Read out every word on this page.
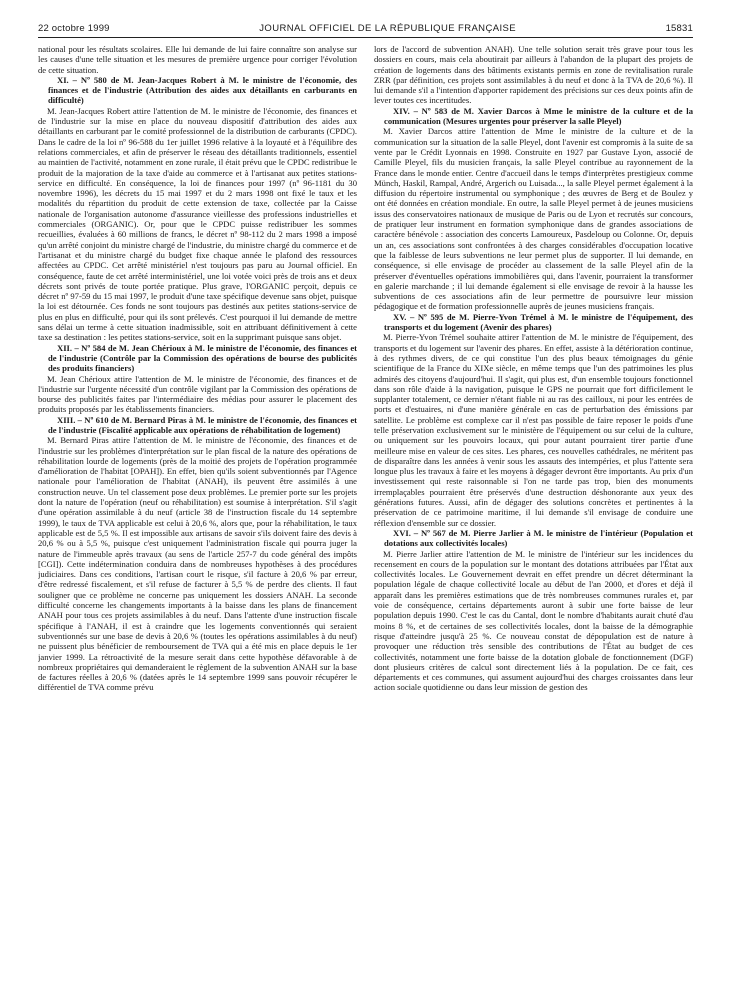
22 octobre 1999	JOURNAL OFFICIEL DE LA RÉPUBLIQUE FRANÇAISE	15831

national pour les résultats scolaires. Elle lui demande de lui faire connaître son analyse sur les causes d'une telle situation et les mesures de première urgence pour corriger l'évolution de cette situation.

XI. – Nº 580 de M. Jean-Jacques Robert à M. le ministre de l'économie, des finances et de l'industrie (Attribution des aides aux détaillants en carburants en difficulté)

M. Jean-Jacques Robert attire l'attention de M. le ministre de l'économie, des finances et de l'industrie sur la mise en place du nouveau dispositif d'attribution des aides aux détaillants en carburant par le comité professionnel de la distribution de carburants (CPDC). Dans le cadre de la loi nº 96-588 du 1er juillet 1996 relative à la loyauté et à l'équilibre des relations commerciales, et afin de préserver le réseau des détaillants traditionnels, essentiel au maintien de l'activité, notamment en zone rurale, il était prévu que le CPDC redistribue le produit de la majoration de la taxe d'aide au commerce et à l'artisanat aux petites stations-service en difficulté. En conséquence, la loi de finances pour 1997 (nº 96-1181 du 30 novembre 1996), les décrets du 15 mai 1997 et du 2 mars 1998 ont fixé le taux et les modalités du répartition du produit de cette extension de taxe, collectée par la Caisse nationale de l'organisation autonome d'assurance vieillesse des professions industrielles et commerciales (ORGANIC). Or, pour que le CPDC puisse redistribuer les sommes recueillies, évaluées à 60 millions de francs, le décret nº 98-112 du 2 mars 1998 a imposé qu'un arrêté conjoint du ministre chargé de l'industrie, du ministre chargé du commerce et de l'artisanat et du ministre chargé du budget fixe chaque année le plafond des ressources affectées au CPDC. Cet arrêté ministériel n'est toujours pas paru au Journal officiel. En conséquence, faute de cet arrêté interministériel, une loi votée voici près de trois ans et deux décrets sont privés de toute portée pratique. Plus grave, l'ORGANIC perçoit, depuis ce décret nº 97-59 du 15 mai 1997, le produit d'une taxe spécifique devenue sans objet, puisque la loi est détournée. Ces fonds ne sont toujours pas destinés aux petites stations-service de plus en plus en difficulté, pour qui ils sont prélevés. C'est pourquoi il lui demande de mettre sans délai un terme à cette situation inadmissible, soit en attribuant définitivement à cette taxe sa destination : les petites stations-service, soit en la supprimant puisque sans objet.

XII. – Nº 584 de M. Jean Chérioux à M. le ministre de l'économie, des finances et de l'industrie (Contrôle par la Commission des opérations de bourse des publicités des produits financiers)

M. Jean Chérioux attire l'attention de M. le ministre de l'économie, des finances et de l'industrie sur l'urgente nécessité d'un contrôle vigilant par la Commission des opérations de bourse des publicités faites par l'intermédiaire des médias pour assurer le placement des produits proposés par les établissements financiers.

XIII. – Nº 610 de M. Bernard Piras à M. le ministre de l'économie, des finances et de l'industrie (Fiscalité applicable aux opérations de réhabilitation de logement)

M. Bernard Piras attire l'attention de M. le ministre de l'économie, des finances et de l'industrie sur les problèmes d'interprétation sur le plan fiscal de la nature des opérations de réhabilitation lourde de logements (près de la moitié des projets de l'opération programmée d'amélioration de l'habitat [OPAH]). En effet, bien qu'ils soient subventionnés par l'Agence nationale pour l'amélioration de l'habitat (ANAH), ils peuvent être assimilés à une construction neuve. Un tel classement pose deux problèmes. Le premier porte sur les projets dont la nature de l'opération (neuf ou réhabilitation) est soumise à interprétation. S'il s'agit d'une opération assimilable à du neuf (article 38 de l'instruction fiscale du 14 septembre 1999), le taux de TVA applicable est celui à 20,6 %, alors que, pour la réhabilitation, le taux applicable est de 5,5 %. Il est impossible aux artisans de savoir s'ils doivent faire des devis à 20,6 % ou à 5,5 %, puisque c'est uniquement l'administration fiscale qui pourra juger la nature de l'immeuble après travaux (au sens de l'article 257-7 du code général des impôts [CGI]). Cette indétermination conduira dans de nombreuses hypothèses à des procédures judiciaires. Dans ces conditions, l'artisan court le risque, s'il facture à 20,6 % par erreur, d'être redressé fiscalement, et s'il refuse de facturer à 5,5 % de perdre des clients. Il faut souligner que ce problème ne concerne pas uniquement les dossiers ANAH. La seconde difficulté concerne les changements importants à la baisse dans les plans de financement ANAH pour tous ces projets assimilables à du neuf. Dans l'attente d'une instruction fiscale spécifique à l'ANAH, il est à craindre que les logements conventionnés qui seraient subventionnés sur une base de devis à 20,6 % (toutes les opérations assimilables à du neuf) ne puissent plus bénéficier de remboursement de TVA qui a été mis en place depuis le 1er janvier 1999. La rétroactivité de la mesure serait dans cette hypothèse défavorable à de nombreux propriétaires qui demanderaient le règlement de la subvention ANAH sur la base de factures réelles à 20,6 % (datées après le 14 septembre 1999 sans pouvoir récupérer le différentiel de TVA comme prévu

lors de l'accord de subvention ANAH). Une telle solution serait très grave pour tous les dossiers en cours, mais cela aboutirait par ailleurs à l'abandon de la plupart des projets de création de logements dans des bâtiments existants permis en zone de revitalisation rurale ZRR (par définition, ces projets sont assimilables à du neuf et donc à la TVA de 20,6 %). Il lui demande s'il a l'intention d'apporter rapidement des précisions sur ces deux points afin de lever toutes ces incertitudes.

XIV. – Nº 583 de M. Xavier Darcos à Mme le ministre de la culture et de la communication (Mesures urgentes pour préserver la salle Pleyel)

M. Xavier Darcos attire l'attention de Mme le ministre de la culture et de la communication sur la situation de la salle Pleyel, dont l'avenir est compromis à la suite de sa vente par le Crédit Lyonnais en 1998. Construite en 1927 par Gustave Lyon, associé de Camille Pleyel, fils du musicien français, la salle Pleyel contribue au rayonnement de la France dans le monde entier. Centre d'accueil dans le temps d'interprètes prestigieux comme Münch, Haskil, Rampal, André, Argerich ou Luisada..., la salle Pleyel permet également à la diffusion du répertoire instrumental ou symphonique ; des œuvres de Berg et de Boulez y ont été données en création mondiale. En outre, la salle Pleyel permet à de jeunes musiciens issus des conservatoires nationaux de musique de Paris ou de Lyon et recrutés sur concours, de pratiquer leur instrument en formation symphonique dans de grandes associations de caractère bénévole : association des concerts Lamoureux, Pasdeloup ou Colonne. Or, depuis un an, ces associations sont confrontées à des charges considérables d'occupation locative que la faiblesse de leurs subventions ne leur permet plus de supporter. Il lui demande, en conséquence, si elle envisage de procéder au classement de la salle Pleyel afin de la préserver d'éventuelles opérations immobilières qui, dans l'avenir, pourraient la transformer en galerie marchande ; il lui demande également si elle envisage de revoir à la hausse les subventions de ces associations afin de leur permettre de poursuivre leur mission pédagogique et de formation professionnelle auprès de jeunes musiciens français.

XV. – Nº 595 de M. Pierre-Yvon Trémel à M. le ministre de l'équipement, des transports et du logement (Avenir des phares)

M. Pierre-Yvon Trémel souhaite attirer l'attention de M. le ministre de l'équipement, des transports et du logement sur l'avenir des phares. En effet, assiste à la détérioration continue, à des rythmes divers, de ce qui constitue l'un des plus beaux témoignages du génie scientifique de la France du XIXe siècle, en même temps que l'un des patrimoines les plus admirés des citoyens d'aujourd'hui. Il s'agit, qui plus est, d'un ensemble toujours fonctionnel dans son rôle d'aide à la navigation, puisque le GPS ne pourrait que fort difficilement le supplanter totalement, ce dernier n'étant fiable ni au ras des cailloux, ni pour les entrées de ports et d'estuaires, ni d'une manière générale en cas de perturbation des émissions par satellite. Le problème est complexe car il n'est pas possible de faire reposer le poids d'une telle préservation exclusivement sur le ministère de l'équipement ou sur celui de la culture, ou uniquement sur les pouvoirs locaux, qui pour autant pourraient tirer partie d'une meilleure mise en valeur de ces sites. Les phares, ces nouvelles cathédrales, ne méritent pas de disparaître dans les années à venir sous les assauts des intempéries, et plus l'attente sera longue plus les travaux à faire et les moyens à dégager devront être importants. Au prix d'un investissement qui reste raisonnable si l'on ne tarde pas trop, bien des monuments irremplaçables pourraient être préservés d'une destruction déshonorante aux yeux des générations futures. Aussi, afin de dégager des solutions concrètes et pertinentes à la préservation de ce patrimoine maritime, il lui demande s'il envisage de conduire une réflexion d'ensemble sur ce dossier.

XVI. – Nº 567 de M. Pierre Jarlier à M. le ministre de l'intérieur (Population et dotations aux collectivités locales)

M. Pierre Jarlier attire l'attention de M. le ministre de l'intérieur sur les incidences du recensement en cours de la population sur le montant des dotations attribuées par l'État aux collectivités locales. Le Gouvernement devrait en effet prendre un décret déterminant la population légale de chaque collectivité locale au début de l'an 2000, et d'ores et déjà il apparaît dans les premières estimations que de très nombreuses communes rurales et, par voie de conséquence, certains départements auront à subir une forte baisse de leur population depuis 1990. C'est le cas du Cantal, dont le nombre d'habitants aurait chuté d'au moins 8 %, et de certaines de ses collectivités locales, dont la baisse de la démographie risque d'atteindre jusqu'à 25 %. Ce nouveau constat de dépopulation est de nature à provoquer une réduction très sensible des contributions de l'État au budget de ces collectivités, notamment une forte baisse de la dotation globale de fonctionnement (DGF) dont plusieurs critères de calcul sont directement liés à la population. De ce fait, ces départements et ces communes, qui assument aujourd'hui des charges croissantes dans leur action sociale quotidienne ou dans leur mission de gestion des
